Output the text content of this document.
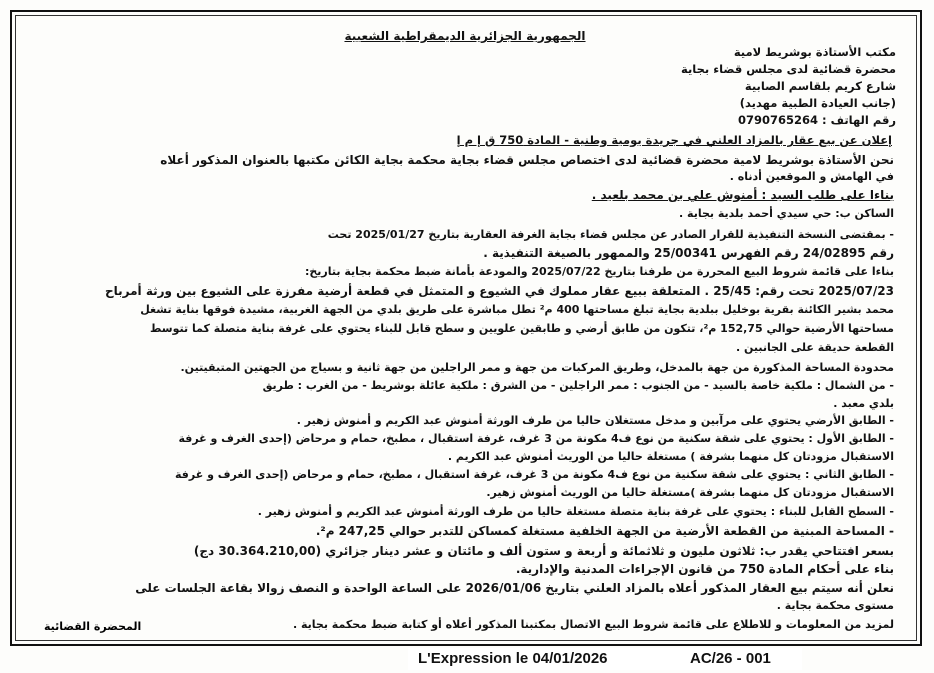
الجمهورية الجزائرية الديمقراطية الشعبية
مكتب الأستاذة بوشريط لامية
محضرة قضائية لدى مجلس قضاء بجاية
شارع كريم بلقاسم الصابية
(جانب العيادة الطبية مهديد)
رقم الهاتف : 0790765264
إعلان عن بيع عقار بالمزاد العلني في جريدة يومية وطنية - المادة 750 ق إ م إ
نحن الأستاذة بوشريط لامية محضرة قضائية لدى اختصاص مجلس قضاء بجاية محكمة بجاية الكائن مكتبها بالعنوان المذكور أعلاه
في الهامش و الموقعين أدناه .
بناءا على طلب السيد : أمنوش علي بن محمد بلعيد .
الساكن ب: حي سيدي أحمد بلدية بجاية .
- بمقتضى النسخة التنفيذية للقرار الصادر عن مجلس قضاء بجاية الغرفة العقارية بتاريخ 2025/01/27 تحت
رقم 24/02895 رقم الفهرس 25/00341 والممهور بالصيغة التنفيذية .
بناءا على قائمة شروط البيع المحررة من طرفنا بتاريخ 2025/07/22 والمودعة بأمانة ضبط محكمة بجاية بتاريخ:
2025/07/23 تحت رقم: 25/45 . المتعلقة ببيع عقار مملوك في الشيوع و المتمثل في قطعة أرضية مفرزة على الشيوع بين ورثة أمرباح
محمد بشير الكائنة بقرية بوخليل ببلدية بجاية تبلغ مساحتها 400 م² تطل مباشرة على طريق بلدي من الجهة الغربية، مشيدة فوقها بناية تشغل
مساحتها الأرضية حوالي 152,75 م²، تتكون من طابق أرضي و طابقين علويين و سطح قابل للبناء يحتوي على غرفة بناية متصلة كما تتوسط
القطعة حديقة على الجانبين .
محدودة المساحة المذكورة من جهة بالمدخل، وطريق المركبات من جهة و ممر الراجلين من جهة ثانية و بسياج من الجهتين المتبقيتين.
- من الشمال : ملكية خاصة بالسيد - من الجنوب : ممر الراجلين - من الشرق : ملكية عائلة بوشريط - من الغرب : طريق
بلدي معبد .
- الطابق الأرضي يحتوي على مرآبين و مدخل مستغلان حاليا من طرف الورثة أمنوش عبد الكريم و أمنوش زهير .
- الطابق الأول : يحتوي على شقة سكنية من نوع ف4 مكونة من 3 غرف، غرفة استقبال ، مطبخ، حمام و مرحاض (إحدى الغرف و غرفة
الاستقبال مزودتان كل منهما بشرفة ) مستغلة حاليا من الوريث أمنوش عبد الكريم .
- الطابق الثاني : يحتوي على شقة سكنية من نوع ف4 مكونة من 3 غرف، غرفة استقبال ، مطبخ، حمام و مرحاض (إحدى الغرف و غرفة
الاستقبال مزودتان كل منهما بشرفة )مستغلة حاليا من الوريث أمنوش زهير.
- السطح القابل للبناء : يحتوي على غرفة بناية متصلة مستغلة حاليا من طرف الورثة أمنوش عبد الكريم و أمنوش زهير .
- المساحة المبنية من القطعة الأرضية من الجهة الخلفية مستغلة كمساكن للتدبر حوالي 247,25 م².
بسعر افتتاحي يقدر ب: ثلاثون مليون و ثلاثمائة و أربعة و ستون ألف و مائتان و عشر دينار جزائري (30.364.210,00 دج)
بناء على أحكام المادة 750 من قانون الإجراءات المدنية والإدارية.
نعلن أنه سيتم بيع العقار المذكور أعلاه بالمزاد العلني بتاريخ 2026/01/06 على الساعة الواحدة و النصف زوالا بقاعة الجلسات على
مستوى محكمة بجاية .
لمزيد من المعلومات و للاطلاع على قائمة شروط البيع الاتصال بمكتبنا المذكور أعلاه أو كتابة ضبط محكمة بجاية .
المحضرة القضائية
L'Expression le 04/01/2026	AC/26 - 001
